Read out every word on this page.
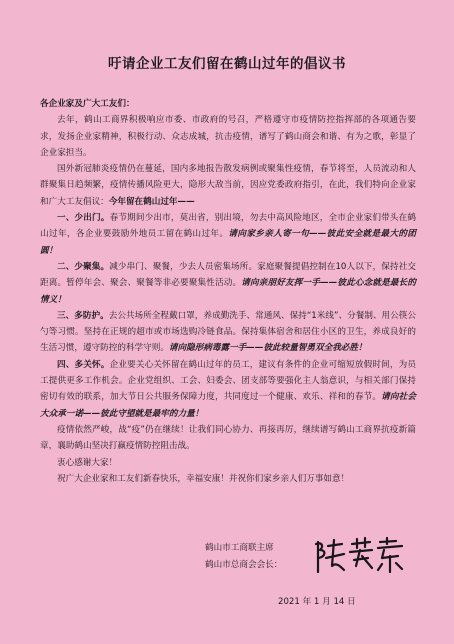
吁请企业工友们留在鹤山过年的倡议书

各企业家及广大工友们：

去年，鹤山工商界积极响应市委、市政府的号召，严格遵守市疫情防控指挥部的各项通告要求，发扬企业家精神，积极行动、众志成城，抗击疫情，谱写了鹤山商会和谐、有为之歌，彰显了企业家担当。

国外新冠肺炎疫情仍在蔓延，国内多地报告散发病例或聚集性疫情，春节将至，人员流动和人群聚集日趋频繁，疫情传播风险更大，隐形大敌当前，因应党委政府指引，在此，我们特向企业家和广大工友倡议：今年留在鹤山过年——

一、少出门。春节期间少出市，莫出省，别出境，勿去中高风险地区，全市企业家们带头在鹤山过年，各企业要鼓励外地员工留在鹤山过年。请向家乡亲人寄一句——彼此安全就是最大的团圆！

二、少聚集。减少串门、聚餐，少去人员密集场所。家庭聚餐提倡控制在10人以下，保持社交距离。暂停年会、聚会、聚餐等非必要聚集性活动。请向亲朋好友挥一手——彼此心念就是最长的情义！

三、多防护。去公共场所全程戴口罩，养成勤洗手、常通风、保持“1米线”、分餐制、用公筷公勺等习惯。坚持在正规的超市或市场选购冷链食品。保持集体宿舍和居住小区的卫生，养成良好的生活习惯，遵守防控的科学守则。请向隐形病毒露一手——彼此较量智勇双全我必胜！

四、多关怀。企业要关心关怀留在鹤山过年的员工，建议有条件的企业可缩短放假时间，为员工提供更多工作机会。企业党组织、工会、妇委会、团支部等要强化主人翁意识，与相关部门保持密切有效的联系，加大节日公共服务保障力度，共同度过一个健康、欢乐、祥和的春节。请向社会大众承一诺——彼此守望就是最牢的力量！

疫情依然严峻，战“疫”仍在继续！让我们同心协力、再接再厉，继续谱写鹤山工商界抗疫新篇章，襄助鹤山坚决打赢疫情防控阻击战。

衷心感谢大家！

祝广大企业家和工友们新春快乐，幸福安康！并祝你们家乡亲人们万事如意！

鹤山市工商联主席
鹤山市总商会会长：
2021 年 1 月 14 日
